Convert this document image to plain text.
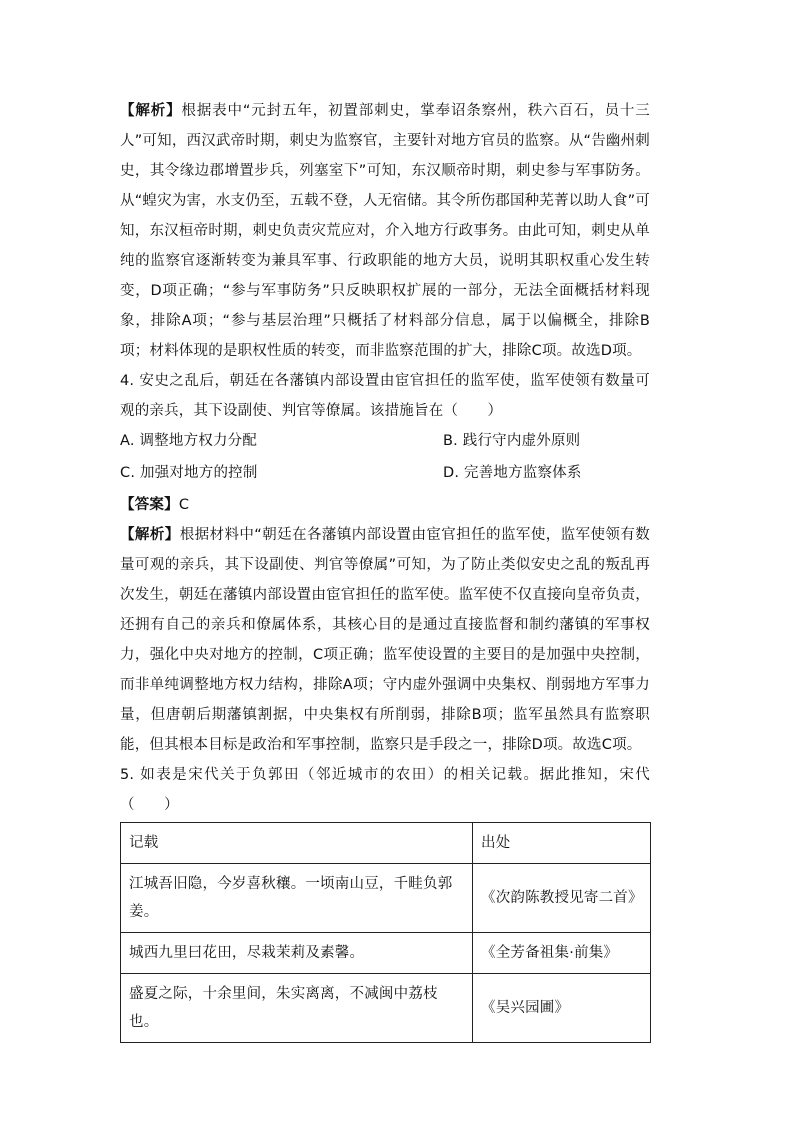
【解析】根据表中“元封五年，初置部刺史，掌奉诏条察州，秩六百石，员十三人”可知，西汉武帝时期，刺史为监察官，主要针对地方官员的监察。从“告幽州刺史，其令缘边郡增置步兵，列塞室下”可知，东汉顺帝时期，刺史参与军事防务。从“蝗灾为害，水支仍至，五载不登，人无宿储。其令所伤郡国种芜菁以助人食”可知，东汉桓帝时期，刺史负责灾荒应对，介入地方行政事务。由此可知，刺史从单纯的监察官逐渐转变为兼具军事、行政职能的地方大员，说明其职权重心发生转变，D项正确；“参与军事防务”只反映职权扩展的一部分，无法全面概括材料现象，排除A项；“参与基层治理”只概括了材料部分信息，属于以偏概全，排除B项；材料体现的是职权性质的转变，而非监察范围的扩大，排除C项。故选D项。

4. 安史之乱后，朝廷在各藩镇内部设置由宦官担任的监军使，监军使领有数量可观的亲兵，其下设副使、判官等僚属。该措施旨在（　　）

A. 调整地方权力分配	B. 践行守内虚外原则
C. 加强对地方的控制	D. 完善地方监察体系

【答案】C

【解析】根据材料中“朝廷在各藩镇内部设置由宦官担任的监军使，监军使领有数量可观的亲兵，其下设副使、判官等僚属”可知，为了防止类似安史之乱的叛乱再次发生，朝廷在藩镇内部设置由宦官担任的监军使。监军使不仅直接向皇帝负责，还拥有自己的亲兵和僚属体系，其核心目的是通过直接监督和制约藩镇的军事权力，强化中央对地方的控制，C项正确；监军使设置的主要目的是加强中央控制，而非单纯调整地方权力结构，排除A项；守内虚外强调中央集权、削弱地方军事力量，但唐朝后期藩镇割据，中央集权有所削弱，排除B项；监军虽然具有监察职能，但其根本目标是政治和军事控制，监察只是手段之一，排除D项。故选C项。

5. 如表是宋代关于负郭田（邻近城市的农田）的相关记载。据此推知，宋代（　　）

记载	出处
江城吾旧隐，今岁喜秋穰。一顷南山豆，千畦负郭姜。	《次韵陈教授见寄二首》
城西九里曰花田，尽栽茉莉及素馨。	《全芳备祖集·前集》
盛夏之际，十余里间，朱实离离，不减闽中荔枝也。	《吴兴园圃》
